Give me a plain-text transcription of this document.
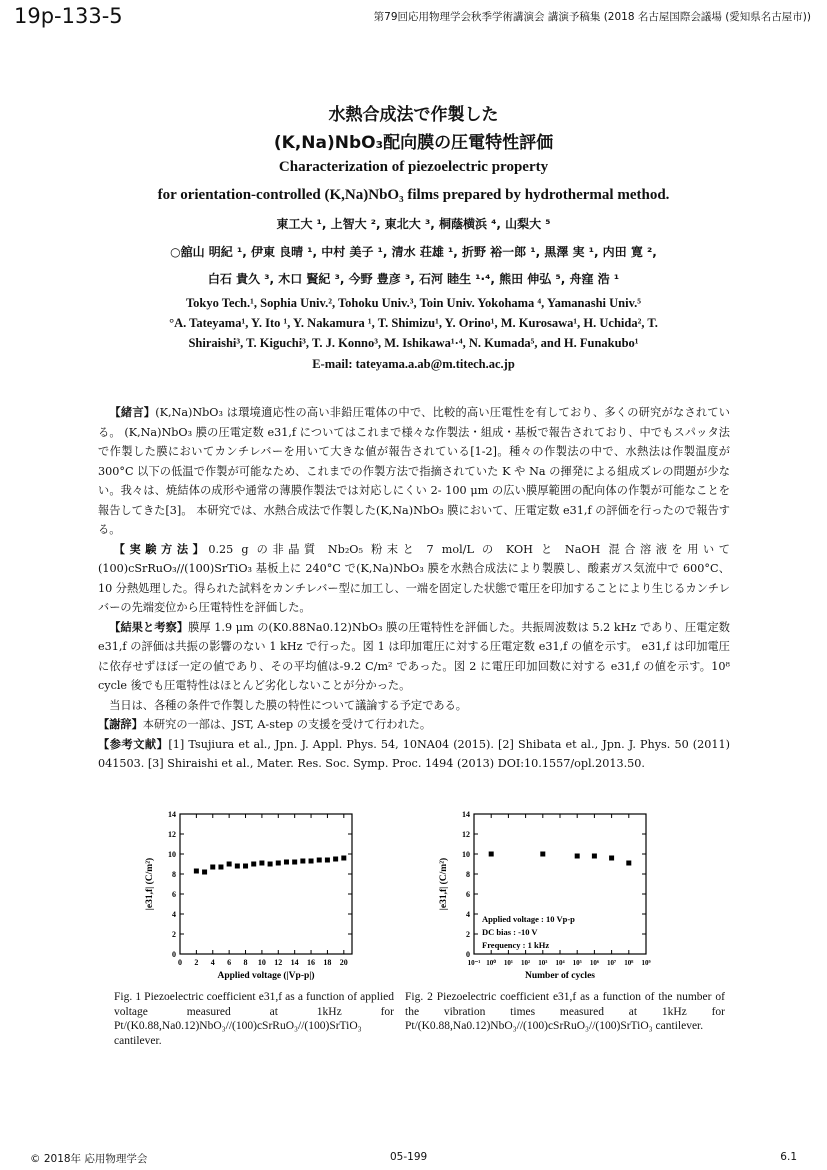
19p-133-5	第79回応用物理学会秋季学術講演会 講演予稿集 (2018 名古屋国際会議場 (愛知県名古屋市))
水熱合成法で作製した
(K,Na)NbO₃配向膜の圧電特性評価
Characterization of piezoelectric property
for orientation-controlled (K,Na)NbO₃ films prepared by hydrothermal method.
東工大 ¹, 上智大 ², 東北大 ³, 桐蔭横浜 ⁴, 山梨大 ⁵
○舘山 明紀 ¹, 伊東 良晴 ¹, 中村 美子 ¹, 清水 荘雄 ¹, 折野 裕一郎 ¹, 黒澤 実 ¹, 内田 寛 ²,
白石 貴久 ³, 木口 賢紀 ³, 今野 豊彦 ³, 石河 睦生 ¹·⁴, 熊田 伸弘 ⁵, 舟窪 浩 ¹
Tokyo Tech.¹, Sophia Univ.², Tohoku Univ.³, Toin Univ. Yokohama ⁴, Yamanashi Univ.⁵
°A. Tateyama¹, Y. Ito ¹, Y. Nakamura ¹, T. Shimizu¹, Y. Orino¹, M. Kurosawa¹, H. Uchida², T.
Shiraishi³, T. Kiguchi³, T. J. Konno³, M. Ishikawa¹·⁴, N. Kumada⁵, and H. Funakubo¹
E-mail: tateyama.a.ab@m.titech.ac.jp

 【緒言】(K,Na)NbO₃ は環境適応性の高い非鉛圧電体の中で、比較的高い圧電性を有しており、多くの研究がなされている。 (K,Na)NbO₃ 膜の圧電定数 e31,f についてはこれまで様々な作製法・組成・基板で報告されており、中でもスパッタ法で作製した膜においてカンチレバーを用いて大きな値が報告されている[1-2]。種々の作製法の中で、水熱法は作製温度が 300°C 以下の低温で作製が可能なため、これまでの作製方法で指摘されていた K や Na の揮発による組成ズレの問題が少ない。我々は、焼結体の成形や通常の薄膜作製法では対応しにくい 2- 100 μm の広い膜厚範囲の配向体の作製が可能なことを報告してきた[3]。 本研究では、水熱合成法で作製した(K,Na)NbO₃ 膜において、圧電定数 e31,f の評価を行ったので報告する。

 【実験方法】0.25 g の非晶質 Nb₂O₅ 粉末と 7 mol/L の KOH と NaOH 混合溶液を用いて (100)cSrRuO₃//(100)SrTiO₃ 基板上に 240°C で(K,Na)NbO₃ 膜を水熱合成法により製膜し、酸素ガス気流中で 600°C、10 分熱処理した。得られた試料をカンチレバー型に加工し、一端を固定した状態で電圧を印加することにより生じるカンチレバーの先端変位から圧電特性を評価した。

 【結果と考察】膜厚 1.9 μm の(K0.88Na0.12)NbO₃ 膜の圧電特性を評価した。共振周波数は 5.2 kHz であり、圧電定数 e31,f の評価は共振の影響のない 1 kHz で行った。図 1 は印加電圧に対する圧電定数 e31,f の値を示す。 e31,f は印加電圧に依存せずほぼ一定の値であり、その平均値は-9.2 C/m² であった。図 2 に電圧印加回数に対する e31,f の値を示す。10⁸ cycle 後でも圧電特性はほとんど劣化しないことが分かった。

 当日は、各種の条件で作製した膜の特性について議論する予定である。

【謝辞】本研究の一部は、JST, A-step の支援を受けて行われた。

【参考文献】[1] Tsujiura et al., Jpn. J. Appl. Phys. 54, 10NA04 (2015). [2] Shibata et al., Jpn. J. Phys. 50 (2011) 041503. [3] Shiraishi et al., Mater. Res. Soc. Symp. Proc. 1494 (2013) DOI:10.1557/opl.2013.50.

0
2
4
6
8
10
12
14
0 2 4 6 8 10 12 14 16 18 20
Applied voltage (|Vp-p|)
|e31,f| (C/m²)
0
2
4
6
8
10
12
14
10⁻¹ 10⁰ 10¹ 10² 10³ 10⁴ 10⁵ 10⁶ 10⁷ 10⁸ 10⁹
Number of cycles
|e31,f| (C/m²)
Applied voltage : 10 Vp-p
DC bias : -10 V
Frequency : 1 kHz
Fig. 1 Piezoelectric coefficient e31,f as a function of applied voltage measured at 1kHz for Pt/(K0.88,Na0.12)NbO₃//(100)cSrRuO₃//(100)SrTiO₃ cantilever.
Fig. 2 Piezoelectric coefficient e31,f as a function of the number of the vibration times measured at 1kHz for Pt/(K0.88,Na0.12)NbO₃//(100)cSrRuO₃//(100)SrTiO₃ cantilever.
© 2018年 応用物理学会	05-199	6.1
